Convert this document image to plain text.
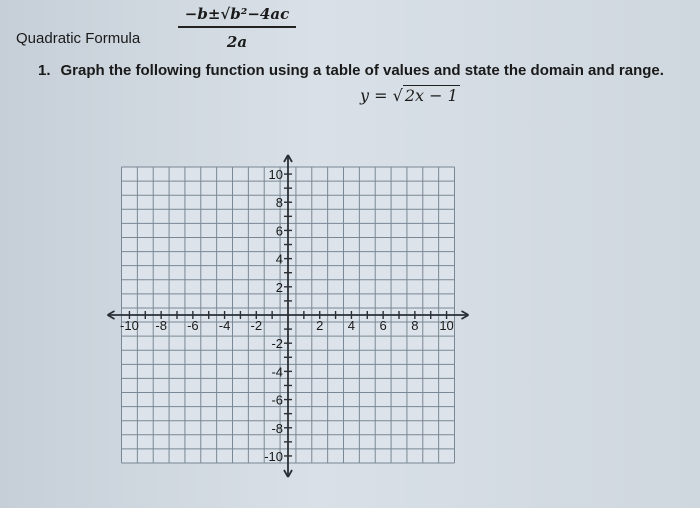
Quadratic Formula	$\frac{\text{−b±√b²−4ac}}{2a}$
1. Graph the following function using a table of values and state the domain and range.
y = √ 2x − 1
-10 -8 -6 -4 -2	2 4 6 8 10
10
8
6
4
2
-2
-4
-6
-8
-10
